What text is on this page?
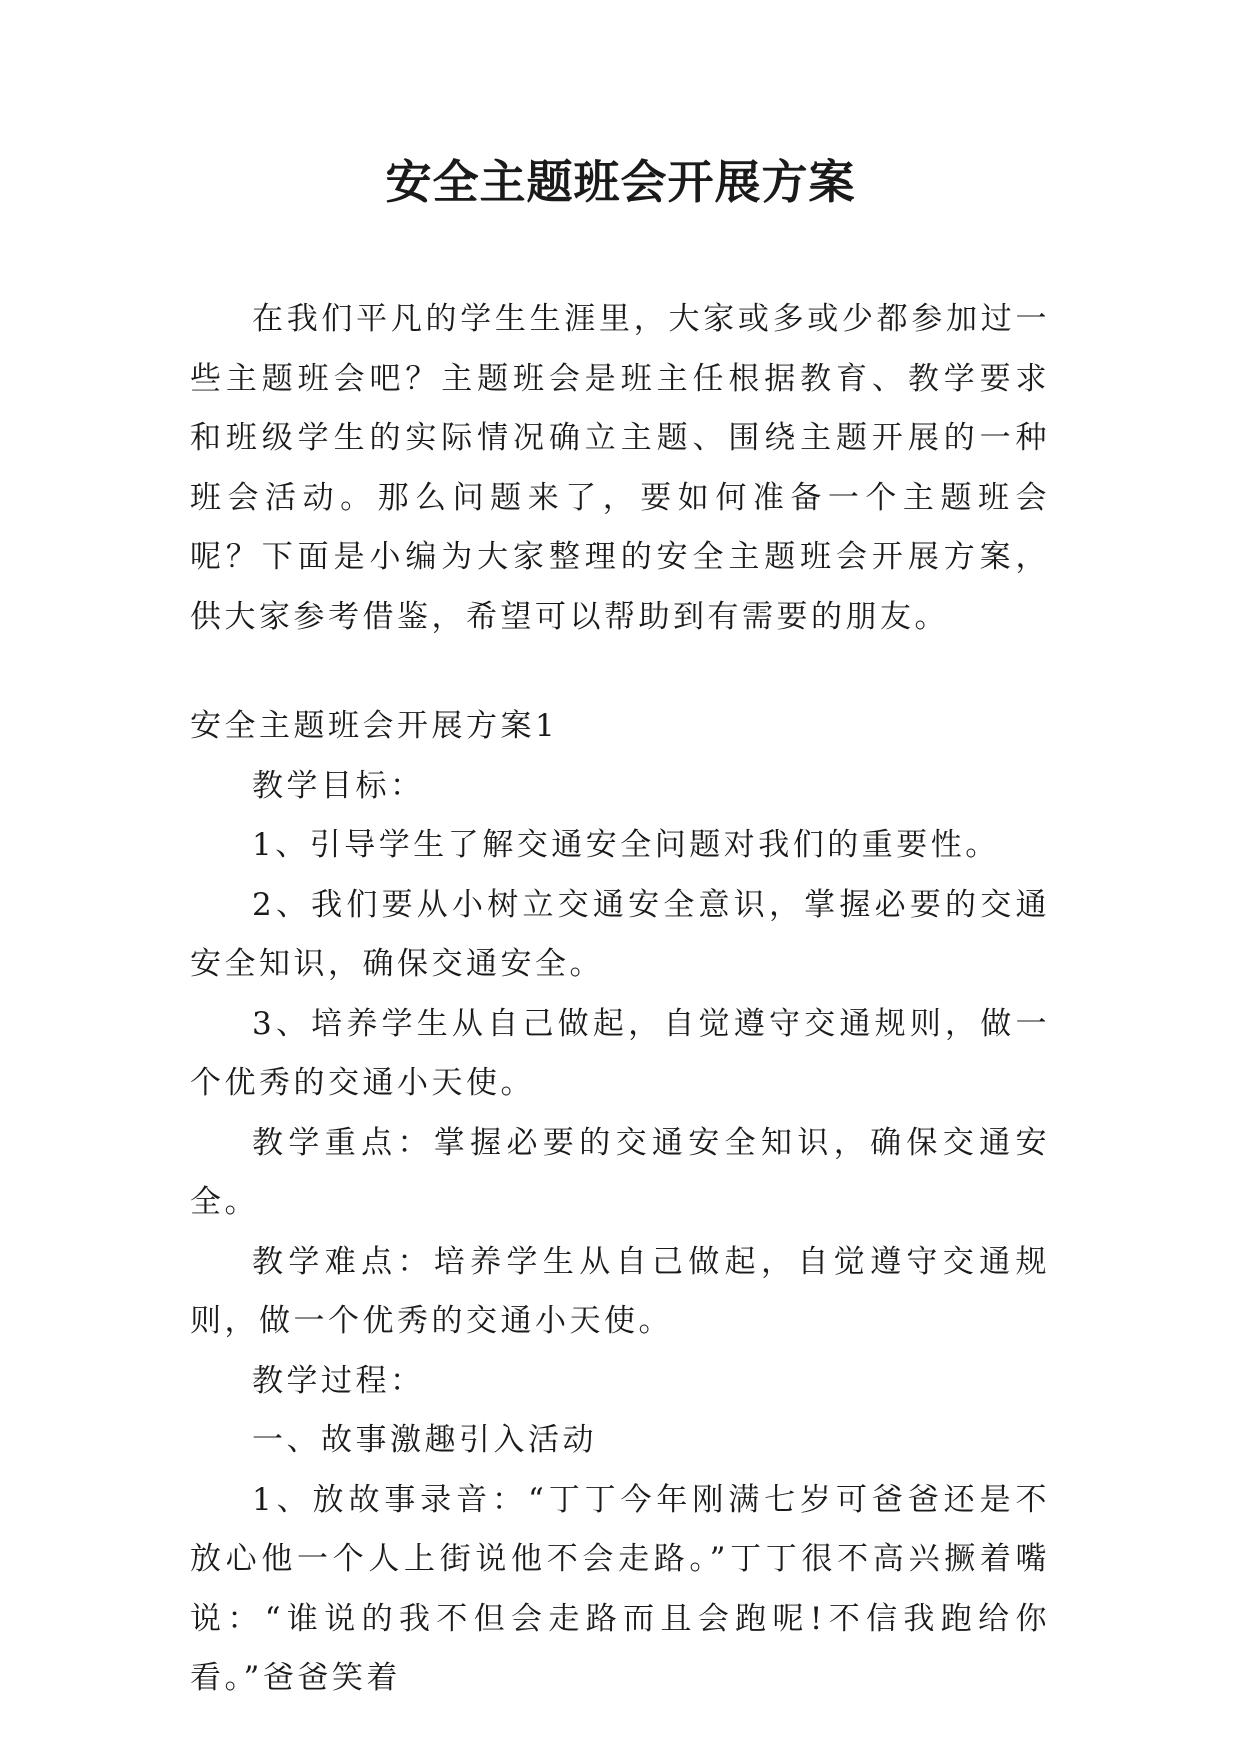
安全主题班会开展方案

在我们平凡的学生生涯里，大家或多或少都参加过一些主题班会吧？主题班会是班主任根据教育、教学要求和班级学生的实际情况确立主题、围绕主题开展的一种班会活动。那么问题来了，要如何准备一个主题班会呢？下面是小编为大家整理的安全主题班会开展方案，供大家参考借鉴，希望可以帮助到有需要的朋友。

安全主题班会开展方案1

教学目标：

1、引导学生了解交通安全问题对我们的重要性。

2、我们要从小树立交通安全意识，掌握必要的交通安全知识，确保交通安全。

3、培养学生从自己做起，自觉遵守交通规则，做一个优秀的交通小天使。

教学重点：掌握必要的交通安全知识，确保交通安全。

教学难点：培养学生从自己做起，自觉遵守交通规则，做一个优秀的交通小天使。

教学过程：

一、故事激趣引入活动

1、放故事录音：“丁丁今年刚满七岁可爸爸还是不放心他一个人上街说他不会走路。”丁丁很不高兴撅着嘴说：“谁说的我不但会走路而且会跑呢!不信我跑给你看。”爸爸笑着
